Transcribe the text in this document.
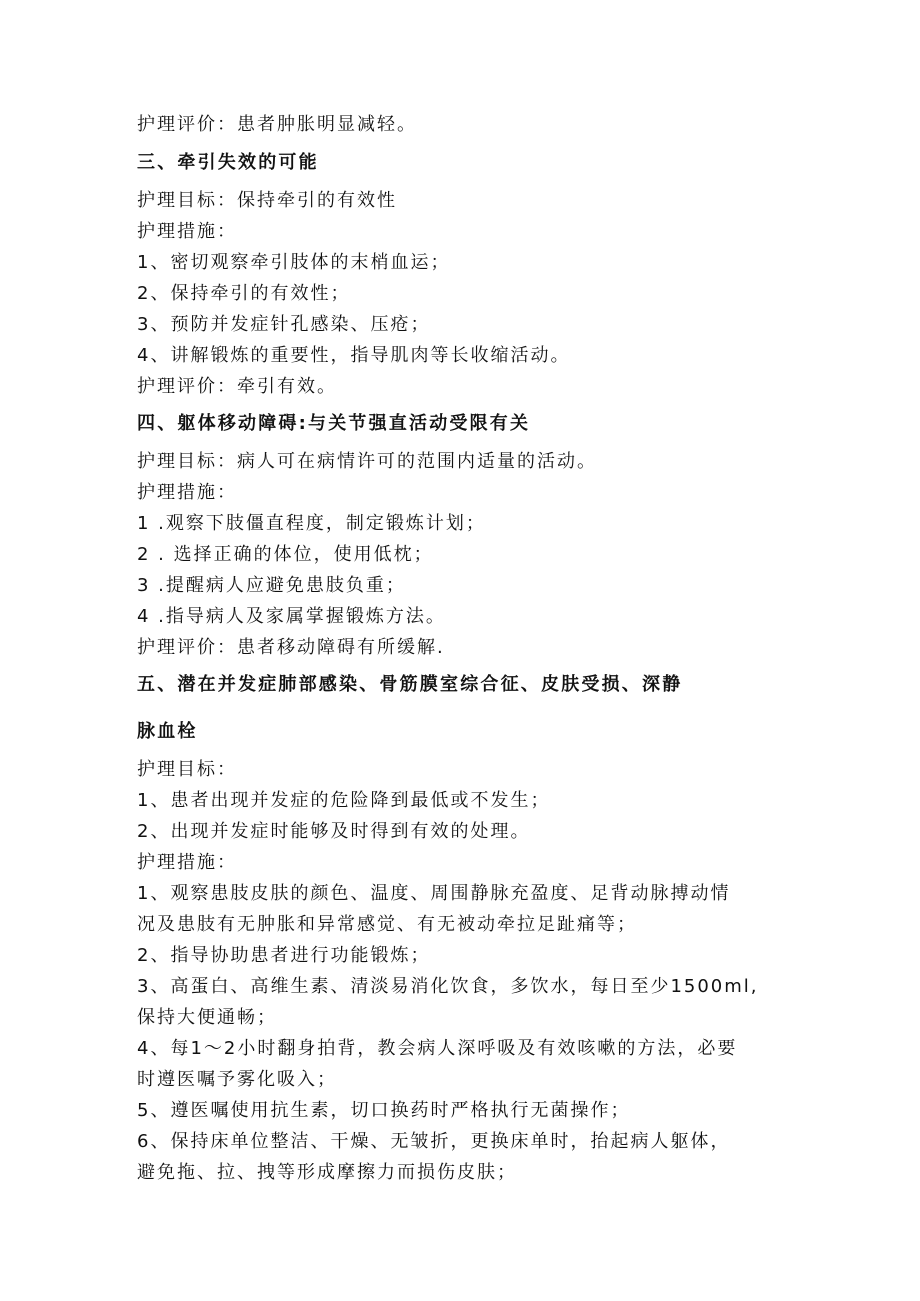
护理评价：患者肿胀明显减轻。
三、牵引失效的可能
护理目标：保持牵引的有效性
护理措施：
1、密切观察牵引肢体的末梢血运；
2、保持牵引的有效性；
3、预防并发症针孔感染、压疮；
4、讲解锻炼的重要性，指导肌肉等长收缩活动。
护理评价：牵引有效。
四、躯体移动障碍:与关节强直活动受限有关
护理目标：病人可在病情许可的范围内适量的活动。
护理措施：
1 .观察下肢僵直程度，制定锻炼计划；
2 . 选择正确的体位，使用低枕；
3 .提醒病人应避免患肢负重；
4 .指导病人及家属掌握锻炼方法。
护理评价：患者移动障碍有所缓解.
五、潜在并发症肺部感染、骨筋膜室综合征、皮肤受损、深静
脉血栓
护理目标：
1、患者出现并发症的危险降到最低或不发生；
2、出现并发症时能够及时得到有效的处理。
护理措施：
1、观察患肢皮肤的颜色、温度、周围静脉充盈度、足背动脉搏动情
况及患肢有无肿胀和异常感觉、有无被动牵拉足趾痛等；
2、指导协助患者进行功能锻炼；
3、高蛋白、高维生素、清淡易消化饮食，多饮水，每日至少1500ml,
保持大便通畅；
4、每1～2小时翻身拍背，教会病人深呼吸及有效咳嗽的方法，必要
时遵医嘱予雾化吸入；
5、遵医嘱使用抗生素，切口换药时严格执行无菌操作；
6、保持床单位整洁、干燥、无皱折，更换床单时，抬起病人躯体，
避免拖、拉、拽等形成摩擦力而损伤皮肤；
